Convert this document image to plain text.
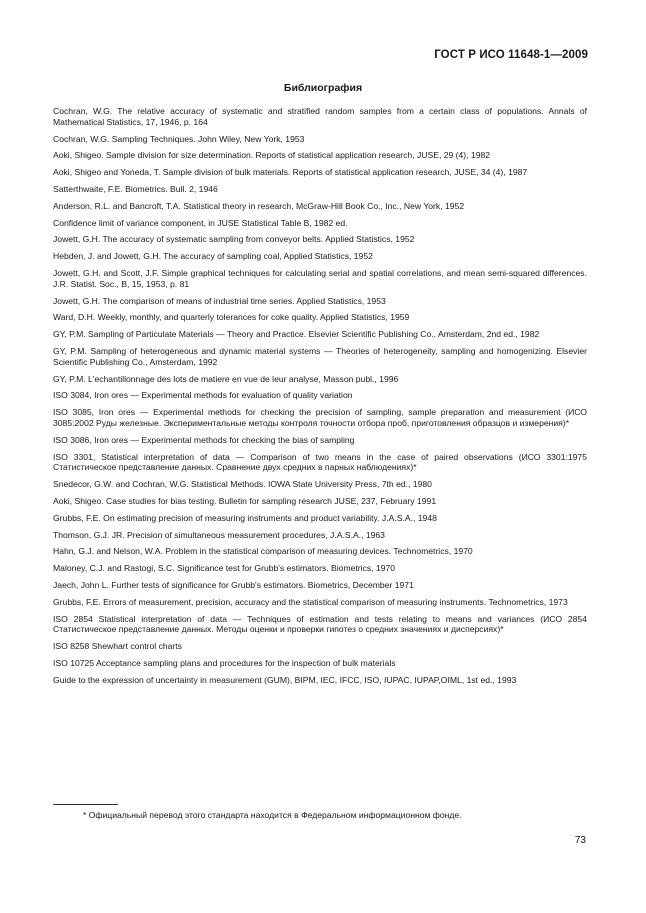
ГОСТ Р ИСО 11648-1—2009
Библиография
Cochran, W.G. The relative accuracy of systematic and stratified random samples from a certain class of populations. Annals of Mathematical Statistics, 17, 1946, p. 164
Cochran, W.G. Sampling Techniques. John Wiley, New York, 1953
Aoki, Shigeo. Sample division for size determination. Reports of statistical application research, JUSE, 29 (4), 1982
Aoki, Shigeo and Yoneda, T. Sample division of bulk materials. Reports of statistical application research, JUSE, 34 (4), 1987
Satterthwaite, F.E. Biometrics. Bull. 2, 1946
Anderson, R.L. and Bancroft, T.A. Statistical theory in research, McGraw-Hill Book Co., Inc., New York, 1952
Confidence limit of variance component, in JUSE Statistical Table B, 1982 ed.
Jowett, G.H. The accuracy of systematic sampling from conveyor belts. Applied Statistics, 1952
Hebden, J. and Jowett, G.H. The accuracy of sampling coal, Applied Statistics, 1952
Jowett, G.H. and Scott, J.F. Simple graphical techniques for calculating serial and spatial correlations, and mean semi-squared differences. J.R. Statist. Soc., B, 15, 1953, p. 81
Jowett, G.H. The comparison of means of industrial time series. Applied Statistics, 1953
Ward, D.H. Weekly, monthly, and quarterly tolerances for coke quality. Applied Statistics, 1959
GY, P.M. Sampling of Particulate Materials — Theory and Practice. Elsevier Scientific Publishing Co., Amsterdam, 2nd ed., 1982
GY, P.M. Sampling of heterogeneous and dynamic material systems — Theories of heterogeneity, sampling and homogenizing. Elsevier Scientific Publishing Co., Amsterdam, 1992
GY, P.M. L'echantillonnage des lots de matiere en vue de leur analyse, Masson publ., 1996
ISO 3084, Iron ores — Experimental methods for evaluation of quality variation
ISO 3085, Iron ores — Experimental methods for checking the precision of sampling, sample preparation and measurement (ИСО 3085:2002 Руды железные. Экспериментальные методы контроля точности отбора проб, приготовления образцов и измерения)*
ISO 3086, Iron ores — Experimental methods for checking the bias of sampling
ISO 3301, Statistical interpretation of data — Comparison of two means in the case of paired observations (ИСО 3301:1975 Статистическое представление данных. Сравнение двух средних в парных наблюдениях)*
Snedecor, G.W. and Cochran, W.G. Statistical Methods. IOWA State University Press, 7th ed., 1980
Aoki, Shigeo. Case studies for bias testing. Bulletin for sampling research JUSE, 237, February 1991
Grubbs, F.E. On estimating precision of measuring instruments and product variability. J.A.S.A., 1948
Thomson, G.J. JR. Precision of simultaneous measurement procedures, J.A.S.A., 1963
Hahn, G.J. and Nelson, W.A. Problem in the statistical comparison of measuring devices. Technometrics, 1970
Maloney, C.J. and Rastogi, S.C. Significance test for Grubb's estimators. Biometrics, 1970
Jaech, John L. Further tests of significance for Grubb's estimators. Biometrics, December 1971
Grubbs, F.E. Errors of measurement, precision, accuracy and the statistical comparison of measuring instruments. Technometrics, 1973
ISO 2854 Statistical interpretation of data — Techniques of estimation and tests relating to means and variances (ИСО 2854 Статистическое представление данных. Методы оценки и проверки гипотез о средних значениях и дисперсиях)*
ISO 8258 Shewhart control charts
ISO 10725 Acceptance sampling plans and procedures for the inspection of bulk materials
Guide to the expression of uncertainty in measurement (GUM), BIPM, IEC, IFCC, ISO, IUPAC, IUPAP,OIML, 1st ed., 1993
* Официальный перевод этого стандарта находится в Федеральном информационном фонде.
73
